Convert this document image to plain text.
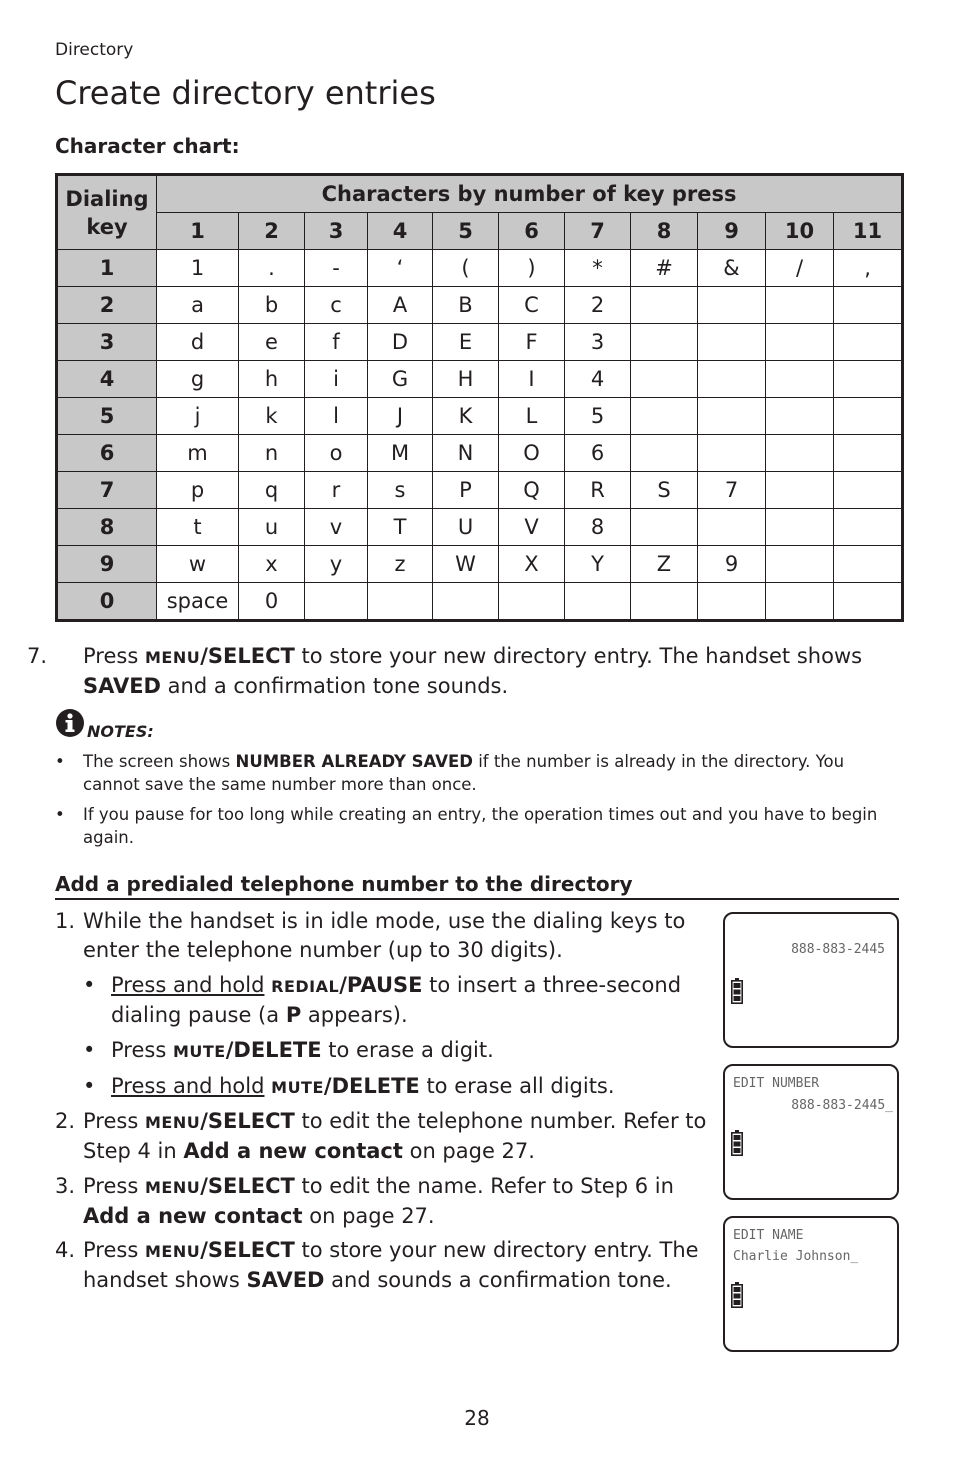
Directory
Create directory entries
Character chart:
Dialing
key	Characters by number of key press										
	1	2	3	4	5	6	7	8	9	10	11
1	1	.	-	‘	(	)	*	#	&	/	,
2	a	b	c	A	B	C	2				
3	d	e	f	D	E	F	3				
4	g	h	i	G	H	I	4				
5	j	k	l	J	K	L	5				
6	m	n	o	M	N	O	6				
7	p	q	r	s	P	Q	R	S	7		
8	t	u	v	T	U	V	8				
9	w	x	y	z	W	X	Y	Z	9		
0	space	0									
7. Press MENU/SELECT to store your new directory entry. The handset shows SAVED and a confirmation tone sounds.
NOTES:
•	The screen shows NUMBER ALREADY SAVED if the number is already in the directory. You cannot save the same number more than once.
•	If you pause for too long while creating an entry, the operation times out and you have to begin again.
Add a predialed telephone number to the directory
1. While the handset is in idle mode, use the dialing keys to enter the telephone number (up to 30 digits).
• Press and hold REDIAL/PAUSE to insert a three-second dialing pause (a P appears).
• Press MUTE/DELETE to erase a digit.
• Press and hold MUTE/DELETE to erase all digits.
2. Press MENU/SELECT to edit the telephone number. Refer to Step 4 in Add a new contact on page 27.
3. Press MENU/SELECT to edit the name. Refer to Step 6 in Add a new contact on page 27.
4. Press MENU/SELECT to store your new directory entry. The handset shows SAVED and sounds a confirmation tone.
888-883-2445
EDIT NUMBER
888-883-2445_
EDIT NAME
Charlie Johnson_
28
